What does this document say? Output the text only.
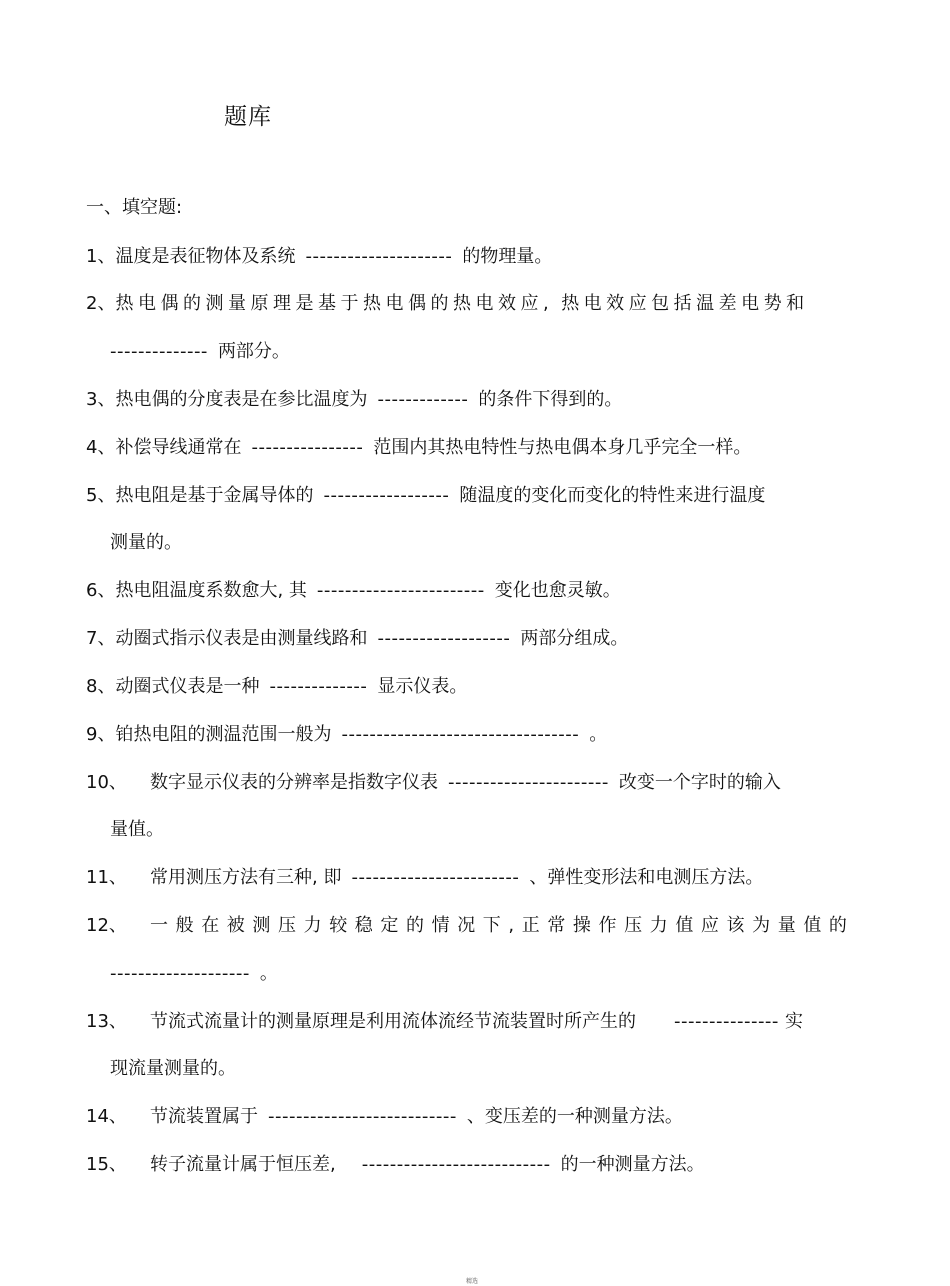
题库
一、填空题:
1、温度是表征物体及系统 --------------------- 的物理量。
2、热电偶的测量原理是基于热电偶的热电效应, 热电效应包括温差电势和
-------------- 两部分。
3、热电偶的分度表是在参比温度为 ------------- 的条件下得到的。
4、补偿导线通常在 ---------------- 范围内其热电特性与热电偶本身几乎完全一样。
5、热电阻是基于金属导体的 ------------------ 随温度的变化而变化的特性来进行温度
测量的。
6、热电阻温度系数愈大, 其 ------------------------ 变化也愈灵敏。
7、动圈式指示仪表是由测量线路和 ------------------- 两部分组成。
8、动圈式仪表是一种 -------------- 显示仪表。
9、铂热电阻的测温范围一般为 ---------------------------------- 。
10、 数字显示仪表的分辨率是指数字仪表 ----------------------- 改变一个字时的输入
量值。
11、 常用测压方法有三种, 即 ------------------------ 、弹性变形法和电测压方法。
12、 一般在被测压力较稳定的情况下,正常操作压力值应该为量值的
-------------------- 。
13、 节流式流量计的测量原理是利用流体流经节流装置时所产生的 --------------- 实
现流量测量的。
14、 节流装置属于 --------------------------- 、变压差的一种测量方法。
15、 转子流量计属于恒压差, --------------------------- 的一种测量方法。
精选
